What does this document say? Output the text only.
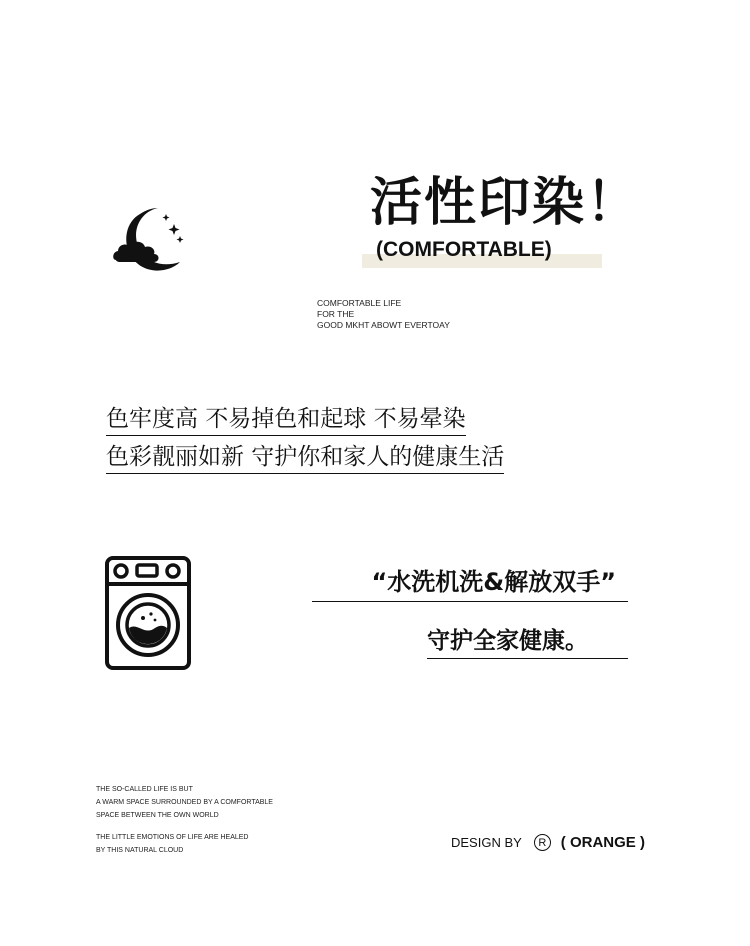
活性印染！
(COMFORTABLE)
COMFORTABLE LIFE
FOR THE
GOOD MKHT ABOWT EVERTOAY
色牢度高 不易掉色和起球 不易晕染
色彩靓丽如新 守护你和家人的健康生活
“水洗机洗&解放双手”
守护全家健康。
THE SO-CALLED LIFE IS BUT
A WARM SPACE SURROUNDED BY A COMFORTABLE
SPACE BETWEEN THE OWN WORLD
THE LITTLE EMOTIONS OF LIFE ARE HEALED
BY THIS NATURAL CLOUD
DESIGN BY	R ( ORANGE )
